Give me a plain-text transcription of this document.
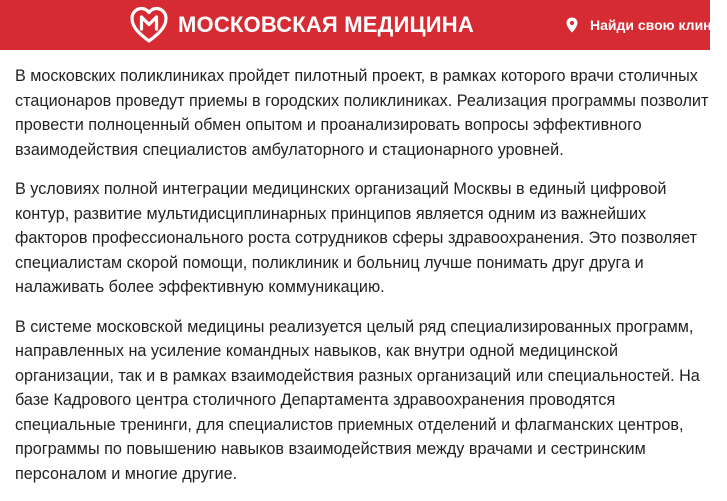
МОСКОВСКАЯ МЕДИЦИНА	Найди свою клиник

В московских поликлиниках пройдет пилотный проект, в рамках которого врачи столичных
стационаров проведут приемы в городских поликлиниках. Реализация программы позволит
провести полноценный обмен опытом и проанализировать вопросы эффективного
взаимодействия специалистов амбулаторного и стационарного уровней.

В условиях полной интеграции медицинских организаций Москвы в единый цифровой
контур, развитие мультидисциплинарных принципов является одним из важнейших
факторов профессионального роста сотрудников сферы здравоохранения. Это позволяет
специалистам скорой помощи, поликлиник и больниц лучше понимать друг друга и
налаживать более эффективную коммуникацию.

В системе московской медицины реализуется целый ряд специализированных программ,
направленных на усиление командных навыков, как внутри одной медицинской
организации, так и в рамках взаимодействия разных организаций или специальностей. На
базе Кадрового центра столичного Департамента здравоохранения проводятся
специальные тренинги, для специалистов приемных отделений и флагманских центров,
программы по повышению навыков взаимодействия между врачами и сестринским
персоналом и многие другие.
